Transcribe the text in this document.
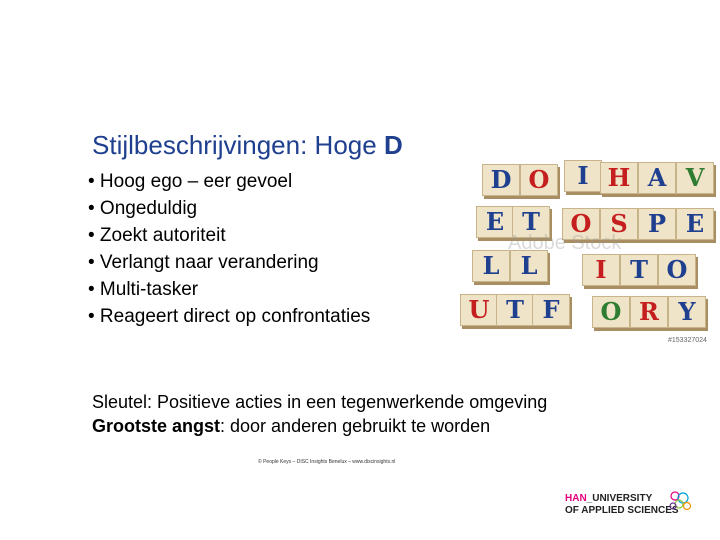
Stijlbeschrijvingen: Hoge D
• Hoog ego – eer gevoel
• Ongeduldig
• Zoekt autoriteit
• Verlangt naar verandering
• Multi-tasker
• Reageert direct op confrontaties
D O	I H A V
E T	O S P E
L L	I T O
U T F	O R Y
Adobe Stock
#153327024
Sleutel: Positieve acties in een tegenwerkende omgeving
Grootste angst: door anderen gebruikt te worden
© People Keys – DISC Insights Benelux – www.discinsights.nl
HAN_UNIVERSITY
OF APPLIED SCIENCES
